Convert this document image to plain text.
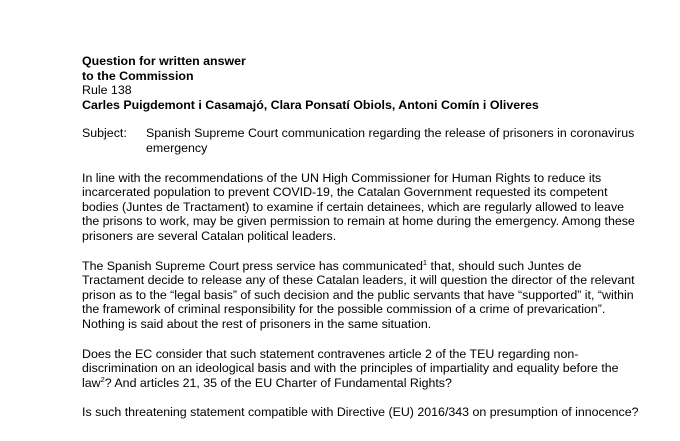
Question for written answer
to the Commission
Rule 138
Carles Puigdemont i Casamajó, Clara Ponsatí Obiols, Antoni Comín i Oliveres
Subject:	Spanish Supreme Court communication regarding the release of prisoners in coronavirus emergency

In line with the recommendations of the UN High Commissioner for Human Rights to reduce its incarcerated population to prevent COVID-19, the Catalan Government requested its competent bodies (Juntes de Tractament) to examine if certain detainees, which are regularly allowed to leave the prisons to work, may be given permission to remain at home during the emergency. Among these prisoners are several Catalan political leaders.

The Spanish Supreme Court press service has communicated$^1$ that, should such Juntes de Tractament decide to release any of these Catalan leaders, it will question the director of the relevant prison as to the “legal basis” of such decision and the public servants that have “supported” it, “within the framework of criminal responsibility for the possible commission of a crime of prevarication”. Nothing is said about the rest of prisoners in the same situation.

Does the EC consider that such statement contravenes article 2 of the TEU regarding non-discrimination on an ideological basis and with the principles of impartiality and equality before the law$^2$? And articles 21, 35 of the EU Charter of Fundamental Rights?

Is such threatening statement compatible with Directive (EU) 2016/343 on presumption of innocence?
